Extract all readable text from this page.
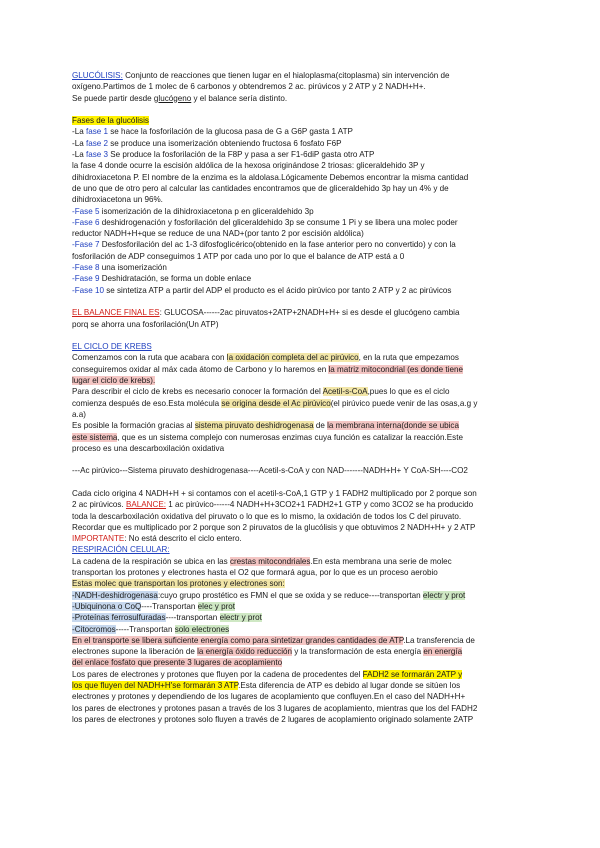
GLUCÓLISIS: Conjunto de reacciones que tienen lugar en el hialoplasma(citoplasma) sin intervención de
oxígeno.Partimos de 1 molec de 6 carbonos y obtendremos 2 ac. pirúvicos y 2 ATP y 2 NADH+H+.
Se puede partir desde glucógeno y el balance sería distinto.
Fases de la glucólisis
-La fase 1 se hace la fosforilación de la glucosa pasa de G a G6P gasta 1 ATP
-La fase 2 se produce una isomerización obteniendo fructosa 6 fosfato F6P
-La fase 3 Se produce la fosforilación de la F8P y pasa a ser F1-6diP gasta otro ATP
la fase 4 donde ocurre la escisión aldólica de la hexosa originándose 2 triosas: gliceraldehido 3P y
dihidroxiacetona P. El nombre de la enzima es la aldolasa.Lógicamente Debemos encontrar la misma cantidad
de uno que de otro pero al calcular las cantidades encontramos que de gliceraldehido 3p hay un 4% y de
dihidroxiacetona un 96%.
-Fase 5 isomerización de la dihidroxiacetona p en gliceraldehido 3p
-Fase 6 deshidrogenación y fosforilación del gliceraldehido 3p se consume 1 Pi y se libera una molec poder
reductor NADH+H+que se reduce de una NAD+(por tanto 2 por escisión aldólica)
-Fase 7 Desfosforilación del ac 1-3 difosfoglicérico(obtenido en la fase anterior pero no convertido) y con la
fosforilación de ADP conseguimos 1 ATP por cada uno por lo que el balance de ATP está a 0
-Fase 8 una isomerización
-Fase 9 Deshidratación, se forma un doble enlace
-Fase 10 se sintetiza ATP a partir del ADP el producto es el ácido pirúvico por tanto 2 ATP y 2 ac pirúvicos
EL BALANCE FINAL ES: GLUCOSA------2ac piruvatos+2ATP+2NADH+H+ si es desde el glucógeno cambia
porq se ahorra una fosforilación(Un ATP)
EL CICLO DE KREBS
Comenzamos con la ruta que acabara con la oxidación completa del ac pirúvico, en la ruta que empezamos
conseguiremos oxidar al máx cada átomo de Carbono y lo haremos en la matriz mitocondrial (es donde tiene
lugar el ciclo de krebs).
Para describir el ciclo de krebs es necesario conocer la formación del Acetil-s-CoA,pues lo que es el ciclo
comienza después de eso.Esta molécula se origina desde el Ac pirúvico(el pirúvico puede venir de las osas,a.g y
a.a)
Es posible la formación gracias al sistema piruvato deshidrogenasa de la membrana interna(donde se ubica
este sistema, que es un sistema complejo con numerosas enzimas cuya función es catalizar la reacción.Este
proceso es una descarboxilación oxidativa
---Ac pirúvico---Sistema piruvato deshidrogenasa----Acetil-s-CoA y con NAD-------NADH+H+ Y CoA-SH----CO2
Cada ciclo origina 4 NADH+H + si contamos con el acetil-s-CoA,1 GTP y 1 FADH2 multiplicado por 2 porque son
2 ac pirúvicos. BALANCE: 1 ac pirúvico------4 NADH+H+3CO2+1 FADH2+1 GTP y como 3CO2 se ha producido
toda la descarboxilación oxidativa del piruvato o lo que es lo mismo, la oxidación de todos los C del piruvato.
Recordar que es multiplicado por 2 porque son 2 piruvatos de la glucólisis y que obtuvimos 2 NADH+H+ y 2 ATP
IMPORTANTE: No está descrito el ciclo entero.
RESPIRACIÓN CELULAR:
La cadena de la respiración se ubica en las crestas mitocondriales.En esta membrana una serie de molec
transportan los protones y electrones hasta el O2 que formará agua, por lo que es un proceso aerobio
Estas molec que transportan los protones y electrones son:
-NADH-deshidrogenasa:cuyo grupo prostético es FMN el que se oxida y se reduce----transportan electr y prot
-Ubiquinona o CoQ----Transportan elec y prot
-Proteínas ferrosulfuradas----transportan electr y prot
-Citocromos-----Transportan solo electrones
En el transporte se libera suficiente energía como para sintetizar grandes cantidades de ATP.La transferencia de
electrones supone la liberación de la energía óxido reducción y la transformación de esta energía en energía
del enlace fosfato que presente 3 lugares de acoplamiento
Los pares de electrones y protones que fluyen por la cadena de procedentes del FADH2 se formarán 2ATP y
los que fluyen del NADH+H'se formarán 3 ATP.Esta diferencia de ATP es debido al lugar donde se sitúen los
electrones y protones y dependiendo de los lugares de acoplamiento que confluyen.En el caso del NADH+H+
los pares de electrones y protones pasan a través de los 3 lugares de acoplamiento, mientras que los del FADH2
los pares de electrones y protones solo fluyen a través de 2 lugares de acoplamiento originado solamente 2ATP
